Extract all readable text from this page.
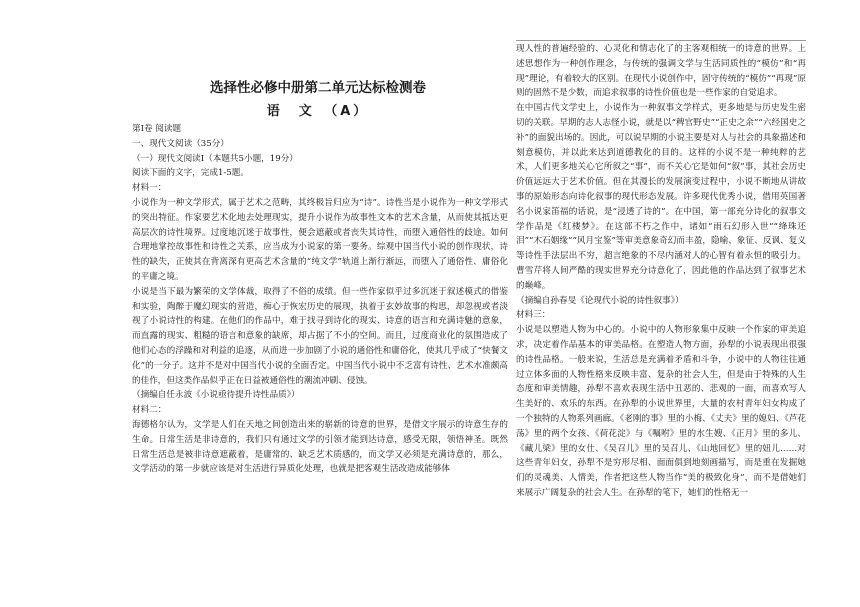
选择性必修中册第二单元达标检测卷
语　文　（A）

第Ⅰ卷 阅读题

一、现代文阅读（35分）

（一）现代文阅读Ⅰ（本题共5小题，19分）

阅读下面的文字，完成1-5题。

材料一：

小说作为一种文学形式，属于艺术之范畴，其终极旨归应为“诗”。诗性当是小说作为一种文学形式的突出特征。作家要艺术化地去处理现实，提升小说作为故事性文本的艺术含量，从而使其抵达更高层次的诗性境界。过度地沉迷于故事性，便会遮蔽或者丧失其诗性，而堕入通俗性的歧途。如何合理地掌控故事性和诗性之关系，应当成为小说家的第一要务。综观中国当代小说的创作现状，诗性的缺失，正使其在背离深有更高艺术含量的“纯文学”轨道上渐行渐远，而堕入了通俗性、庸俗化的平庸之境。

小说是当下最为繁荣的文学体裁，取得了不俗的成绩。但一些作家似乎过多沉迷于叙述模式的借鉴和实验，陶醉于魔幻现实的营造，痴心于恢宏历史的展现，执着于玄妙故事的构思，却忽视或者淡视了小说诗性的构建。在他们的作品中，难于找寻到诗化的现实、诗意的语言和充满诗魅的意象，而直露的现实、粗糙的语言和意象的缺席，却占据了不小的空间。而且，过度商业化的氛围造成了他们心态的浮躁和对利益的追逐，从而进一步加剧了小说的通俗性和庸俗化，使其几乎成了“快餐文化”的一分子。这并不是对中国当代小说的全面否定。中国当代小说中不乏富有诗性、艺术水准颇高的佳作，但这类作品似乎正在日益被通俗性的潮流冲刷、侵蚀。

（摘编自任永波《小说亟待提升诗性品质》）

材料二：

海德格尔认为，文学是人们在天地之间创造出来的崭新的诗意的世界，是借文字展示的诗意生存的生命。日常生活是非诗意的，我们只有通过文学的引领才能到达诗意，感受无限，领悟神圣。既然日常生活总是被非诗意遮蔽着，是庸常的、缺乏艺术质感的，而文学又必须是充满诗意的，那么，文学活动的第一步就应该是对生活进行异质化处理，也就是把客观生活改造成能够体

现人性的普遍经验的、心灵化和情志化了的主客观相统一的诗意的世界。上述思想作为一种创作理念，与传统的强调文学与生活同质性的“模仿”和“再现”理论，有着较大的区别。在现代小说创作中，固守传统的“模仿”“再现”原则的固然不是少数，而追求叙事的诗性价值也是一些作家的自觉追求。

在中国古代文学史上，小说作为一种叙事文学样式，更多地是与历史发生密切的关联。早期的志人志怪小说，就是以“稗官野史”“正史之余”“六经国史之补”的面貌出场的。因此，可以说早期的小说主要是对人与社会的具象描述和刻意模仿，并以此来达到道德教化的目的。这样的小说不是一种纯粹的艺术，人们更多地关心它所叙之“事”，而不关心它是如何“叙”事，其社会历史价值远远大于艺术价值。但在其漫长的发展演变过程中，小说不断地从讲故事的原始形态向诗化叙事的现代形态发展。许多现代优秀小说，借用英国著名小说家笛福的话说，是“浸透了诗的”。在中国，第一部充分诗化的叙事文学作品是《红楼梦》。在这部不朽之作中，诸如“雨石幻形入世”“绛珠还泪”“木石姻缘”“风月宝鉴”等审美意象奇幻而丰盈，隐喻、象征、反讽、复义等诗性手法层出不穷，超言绝象的不尽内涵对人的心智有着永恒的吸引力。曹雪芹将人间严酷的现实世界充分诗意化了，因此他的作品达到了叙事艺术的巅峰。

（摘编自孙春旻《论现代小说的诗性叙事》）

材料三：

小说是以塑造人物为中心的。小说中的人物形象集中反映一个作家的审美追求，决定着作品基本的审美品格。在塑造人物方面，孙犁的小说表现出很强的诗性品格。一般来说，生活总是充满着矛盾和斗争，小说中的人物往往通过立体多面的人物性格来反映丰富、复杂的社会人生，但是由于特殊的人生态度和审美情趣，孙犁不喜欢表现生活中丑恶的、悲观的一面，而喜欢写人生美好的、欢乐的东西。在孙犁的小说世界里，大量的农村青年妇女构成了一个独特的人物系列画廊。《老刚的事》里的小梅、《丈夫》里的媳妇、《芦花荡》里的两个女孩、《荷花淀》与《嘱咐》里的水生嫂、《正月》里的多儿、《藏儿梁》里的女仕、《吴召儿》里的吴召儿、《山地回忆》里的妞儿……对这些青年妇女，孙犁不是穷形尽相、面面俱到地刻画描写，而是重在发掘她们的灵魂美、人情美，作者把这些人物当作“美的极致化身”，而不是借她们来展示广阔复杂的社会人生。在孙犁的笔下，她们的性格无一
